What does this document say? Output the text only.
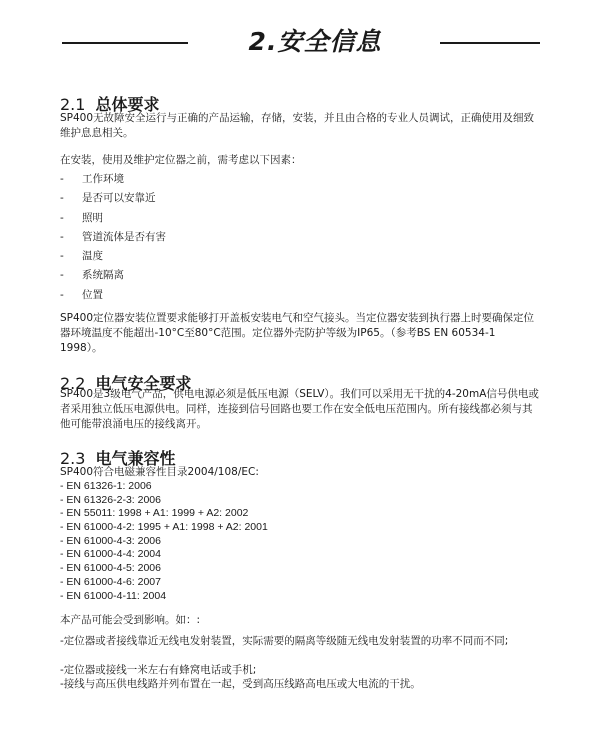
2.安全信息
2.1 总体要求
SP400无故障安全运行与正确的产品运输，存储，安装，并且由合格的专业人员调试，正确使用及细致维护息息相关。
在安装，使用及维护定位器之前，需考虑以下因素：
- 工作环境
- 是否可以安靠近
- 照明
- 管道流体是否有害
- 温度
- 系统隔离
- 位置
SP400定位器安装位置要求能够打开盖板安装电气和空气接头。当定位器安装到执行器上时要确保定位器环境温度不能超出-10°C至80°C范围。定位器外壳防护等级为IP65。（参考BS EN 60534-1 1998）。
2.2 电气安全要求
SP400是3级电气产品，供电电源必须是低压电源（SELV）。我们可以采用无干扰的4-20mA信号供电或者采用独立低压电源供电。同样，连接到信号回路也要工作在安全低电压范围内。所有接线都必须与其他可能带浪涌电压的接线离开。
2.3 电气兼容性
SP400符合电磁兼容性目录2004/108/EC:
- EN 61326-1: 2006
- EN 61326-2-3: 2006
- EN 55011: 1998 + A1: 1999 + A2: 2002
- EN 61000-4-2: 1995 + A1: 1998 + A2: 2001
- EN 61000-4-3: 2006
- EN 61000-4-4: 2004
- EN 61000-4-5: 2006
- EN 61000-4-6: 2007
- EN 61000-4-11: 2004
本产品可能会受到影响。如：:
-定位器或者接线靠近无线电发射装置，实际需要的隔离等级随无线电发射装置的功率不同而不同;
-定位器或接线一米左右有蜂窝电话或手机;
-接线与高压供电线路并列布置在一起，受到高压线路高电压或大电流的干扰。
